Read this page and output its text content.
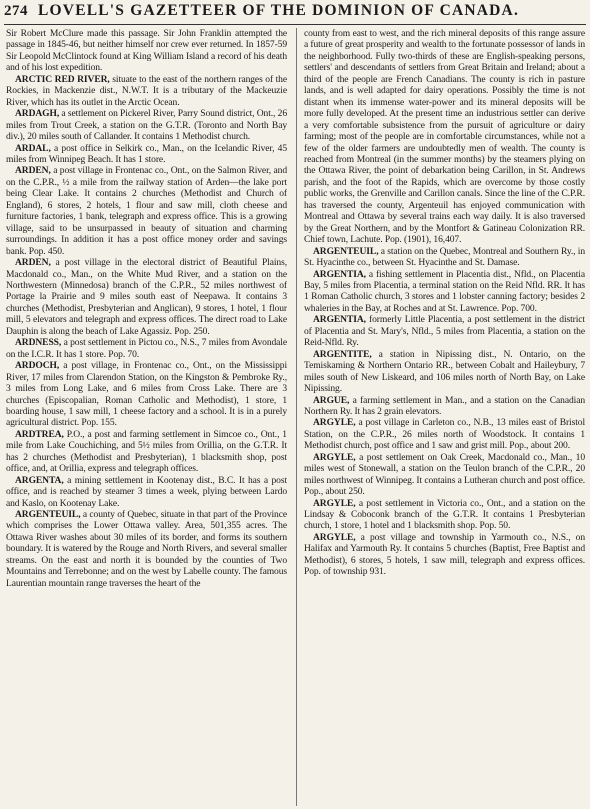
274 LOVELL'S GAZETTEER OF THE DOMINION OF CANADA.

Sir Robert McClure made this passage. Sir John Franklin attempted the passage in 1845-46, but neither himself nor crew ever returned. In 1857-59 Sir Leopold McClintock found at King William Island a record of his death and of his lost expedition.

ARCTIC RED RIVER, situate to the east of the northern ranges of the Rockies, in Mackenzie dist., N.W.T. It is a tributary of the Mackeuzie River, which has its outlet in the Arctic Ocean.

ARDAGH, a settlement on Pickerel River, Parry Sound district, Ont., 26 miles from Trout Creek, a station on the G.T.R. (Toronto and North Bay div.), 20 miles south of Callander. It contains 1 Methodist church.

ARDAL, a post office in Selkirk co., Man., on the Icelandic River, 45 miles from Winnipeg Beach. It has 1 store.

ARDEN, a post village in Frontenac co., Ont., on the Salmon River, and on the C.P.R., ½ a mile from the railway station of Arden—the lake port being Clear Lake. It contains 2 churches (Methodist and Church of England), 6 stores, 2 hotels, 1 flour and saw mill, cloth cheese and furniture factories, 1 bank, telegraph and express office. This is a growing village, said to be unsurpassed in beauty of situation and charming surroundings. In addition it has a post office money order and savings bank. Pop. 450.

ARDEN, a post village in the electoral district of Beautiful Plains, Macdonald co., Man., on the White Mud River, and a station on the Northwestern (Minnedosa) branch of the C.P.R., 52 miles northwest of Portage la Prairie and 9 miles south east of Neepawa. It contains 3 churches (Methodist, Presbyterian and Anglican), 9 stores, 1 hotel, 1 flour mill, 5 elevators and telegraph and express offices. The direct road to Lake Dauphin is along the beach of Lake Agassiz. Pop. 250.

ARDNESS, a post settlement in Pictou co., N.S., 7 miles from Avondale on the I.C.R. It has 1 store. Pop. 70.

ARDOCH, a post village, in Frontenac co., Ont., on the Mississippi River, 17 miles from Clarendon Station, on the Kingston & Pembroke Ry., 3 miles from Long Lake, and 6 miles from Cross Lake. There are 3 churches (Episcopalian, Roman Catholic and Methodist), 1 store, 1 boarding house, 1 saw mill, 1 cheese factory and a school. It is in a purely agricultural district. Pop. 155.

ARDTREA, P.O., a post and farming settlement in Simcoe co., Ont., 1 mile from Lake Couchiching, and 5½ miles from Orillia, on the G.T.R. It has 2 churches (Methodist and Presbyterian), 1 blacksmith shop, post office, and, at Orillia, express and telegraph offices.

ARGENTA, a mining settlement in Kootenay dist., B.C. It has a post office, and is reached by steamer 3 times a week, plying between Lardo and Kaslo, on Kootenay Lake.

ARGENTEUIL, a county of Quebec, situate in that part of the Province which comprises the Lower Ottawa valley. Area, 501,355 acres. The Ottawa River washes about 30 miles of its border, and forms its southern boundary. It is watered by the Rouge and North Rivers, and several smaller streams. On the east and north it is bounded by the counties of Two Mountains and Terrebonne; and on the west by Labelle county. The famous Laurentian mountain range traverses the heart of the

county from east to west, and the rich mineral deposits of this range assure a future of great prosperity and wealth to the fortunate possessor of lands in the neighborhood. Fully two-thirds of these are English-speaking persons, settlers' and descendants of settlers from Great Britain and Ireland; about a third of the people are French Canadians. The county is rich in pasture lands, and is well adapted for dairy operations. Possibly the time is not distant when its immense water-power and its mineral deposits will be more fully developed. At the present time an industrious settler can derive a very comfortable subsistence from the pursuit of agriculture or dairy farming; most of the people are in comfortable circumstances, while not a few of the older farmers are undoubtedly men of wealth. The county is reached from Montreal (in the summer months) by the steamers plying on the Ottawa River, the point of debarkation being Carillon, in St. Andrews parish, and the foot of the Rapids, which are overcome by those costly public works, the Grenville and Carillon canals. Since the line of the C.P.R. has traversed the county, Argenteuil has enjoyed communication with Montreal and Ottawa by several trains each way daily. It is also traversed by the Great Northern, and by the Montfort & Gatineau Colonization RR. Chief town, Lachute. Pop. (1901), 16,407.

ARGENTEUIL, a station on the Quebec, Montreal and Southern Ry., in St. Hyacinthe co., between St. Hyacinthe and St. Damase.

ARGENTIA, a fishing settlement in Placentia dist., Nfld., on Placentia Bay, 5 miles from Placentia, a terminal station on the Reid Nfld. RR. It has 1 Roman Catholic church, 3 stores and 1 lobster canning factory; besides 2 whaleries in the Bay, at Roches and at St. Lawrence. Pop. 700.

ARGENTIA, formerly Little Placentia, a post settlement in the district of Placentia and St. Mary's, Nfld., 5 miles from Placentia, a station on the Reid-Nfld. Ry.

ARGENTITE, a station in Nipissing dist., N. Ontario, on the Temiskaming & Northern Ontario RR., between Cobalt and Haileybury, 7 miles south of New Liskeard, and 106 miles north of North Bay, on Lake Nipissing.

ARGUE, a farming settlement in Man., and a station on the Canadian Northern Ry. It has 2 grain elevators.

ARGYLE, a post village in Carleton co., N.B., 13 miles east of Bristol Station, on the C.P.R., 26 miles north of Woodstock. It contains 1 Methodist church, post office and 1 saw and grist mill. Pop., about 200.

ARGYLE, a post settlement on Oak Creek, Macdonald co., Man., 10 miles west of Stonewall, a station on the Teulon branch of the C.P.R., 20 miles northwest of Winnipeg. It contains a Lutheran church and post office. Pop., about 250.

ARGYLE, a post settlement in Victoria co., Ont., and a station on the Lindsay & Coboconk branch of the G.T.R. It contains 1 Presbyterian church, 1 store, 1 hotel and 1 blacksmith shop. Pop. 50.

ARGYLE, a post village and township in Yarmouth co., N.S., on Halifax and Yarmouth Ry. It contains 5 churches (Baptist, Free Baptist and Methodist), 6 stores, 5 hotels, 1 saw mill, telegraph and express offices. Pop. of township 931.
